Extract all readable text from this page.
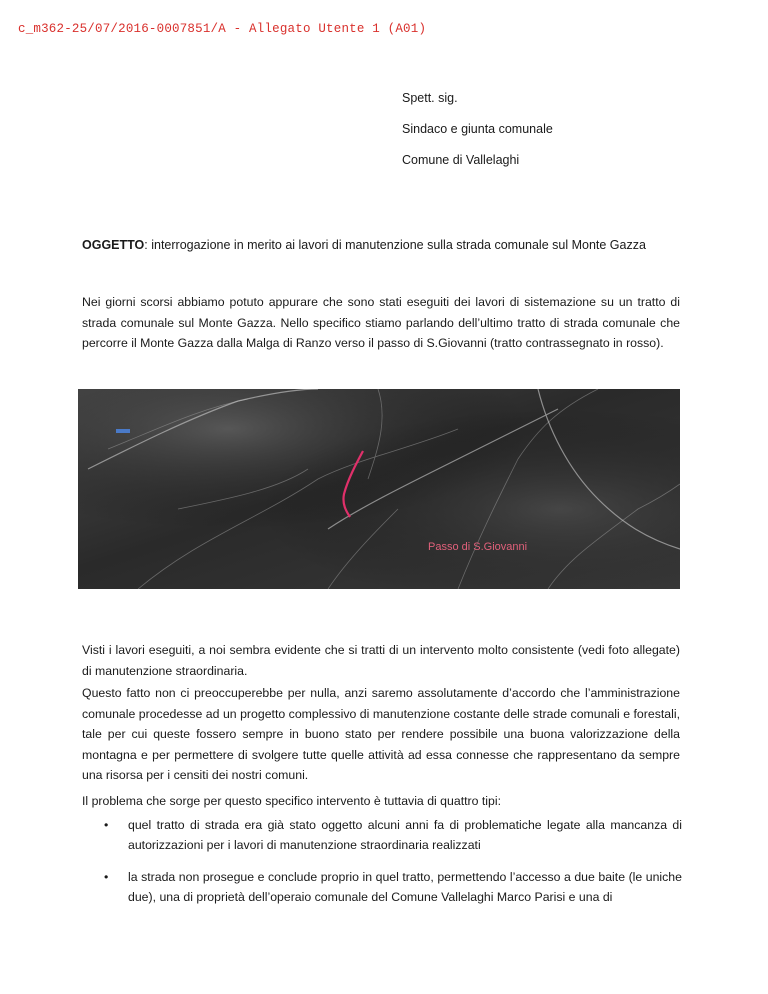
c_m362-25/07/2016-0007851/A - Allegato Utente 1 (A01)
Spett. sig.
Sindaco e giunta comunale
Comune di Vallelaghi
OGGETTO: interrogazione in merito ai lavori di manutenzione sulla strada comunale sul Monte Gazza

Nei giorni scorsi abbiamo potuto appurare che sono stati eseguiti dei lavori di sistemazione su un tratto di strada comunale sul Monte Gazza. Nello specifico stiamo parlando dell’ultimo tratto di strada comunale che percorre il Monte Gazza dalla Malga di Ranzo verso il passo di S.Giovanni (tratto contrassegnato in rosso).

Passo di S.Giovanni

Visti i lavori eseguiti, a noi sembra evidente che si tratti di un intervento molto consistente (vedi foto allegate) di manutenzione straordinaria.

Questo fatto non ci preoccuperebbe per nulla, anzi saremo assolutamente d’accordo che l’amministrazione comunale procedesse ad un progetto complessivo di manutenzione costante delle strade comunali e forestali, tale per cui queste fossero sempre in buono stato per rendere possibile una buona valorizzazione della montagna e per permettere di svolgere tutte quelle attività ad essa connesse che rappresentano da sempre una risorsa per i censiti dei nostri comuni.

Il problema che sorge per questo specifico intervento è tuttavia di quattro tipi:

• quel tratto di strada era già stato oggetto alcuni anni fa di problematiche legate alla mancanza di autorizzazioni per i lavori di manutenzione straordinaria realizzati
• la strada non prosegue e conclude proprio in quel tratto, permettendo l’accesso a due baite (le uniche due), una di proprietà dell’operaio comunale del Comune Vallelaghi Marco Parisi e una di
